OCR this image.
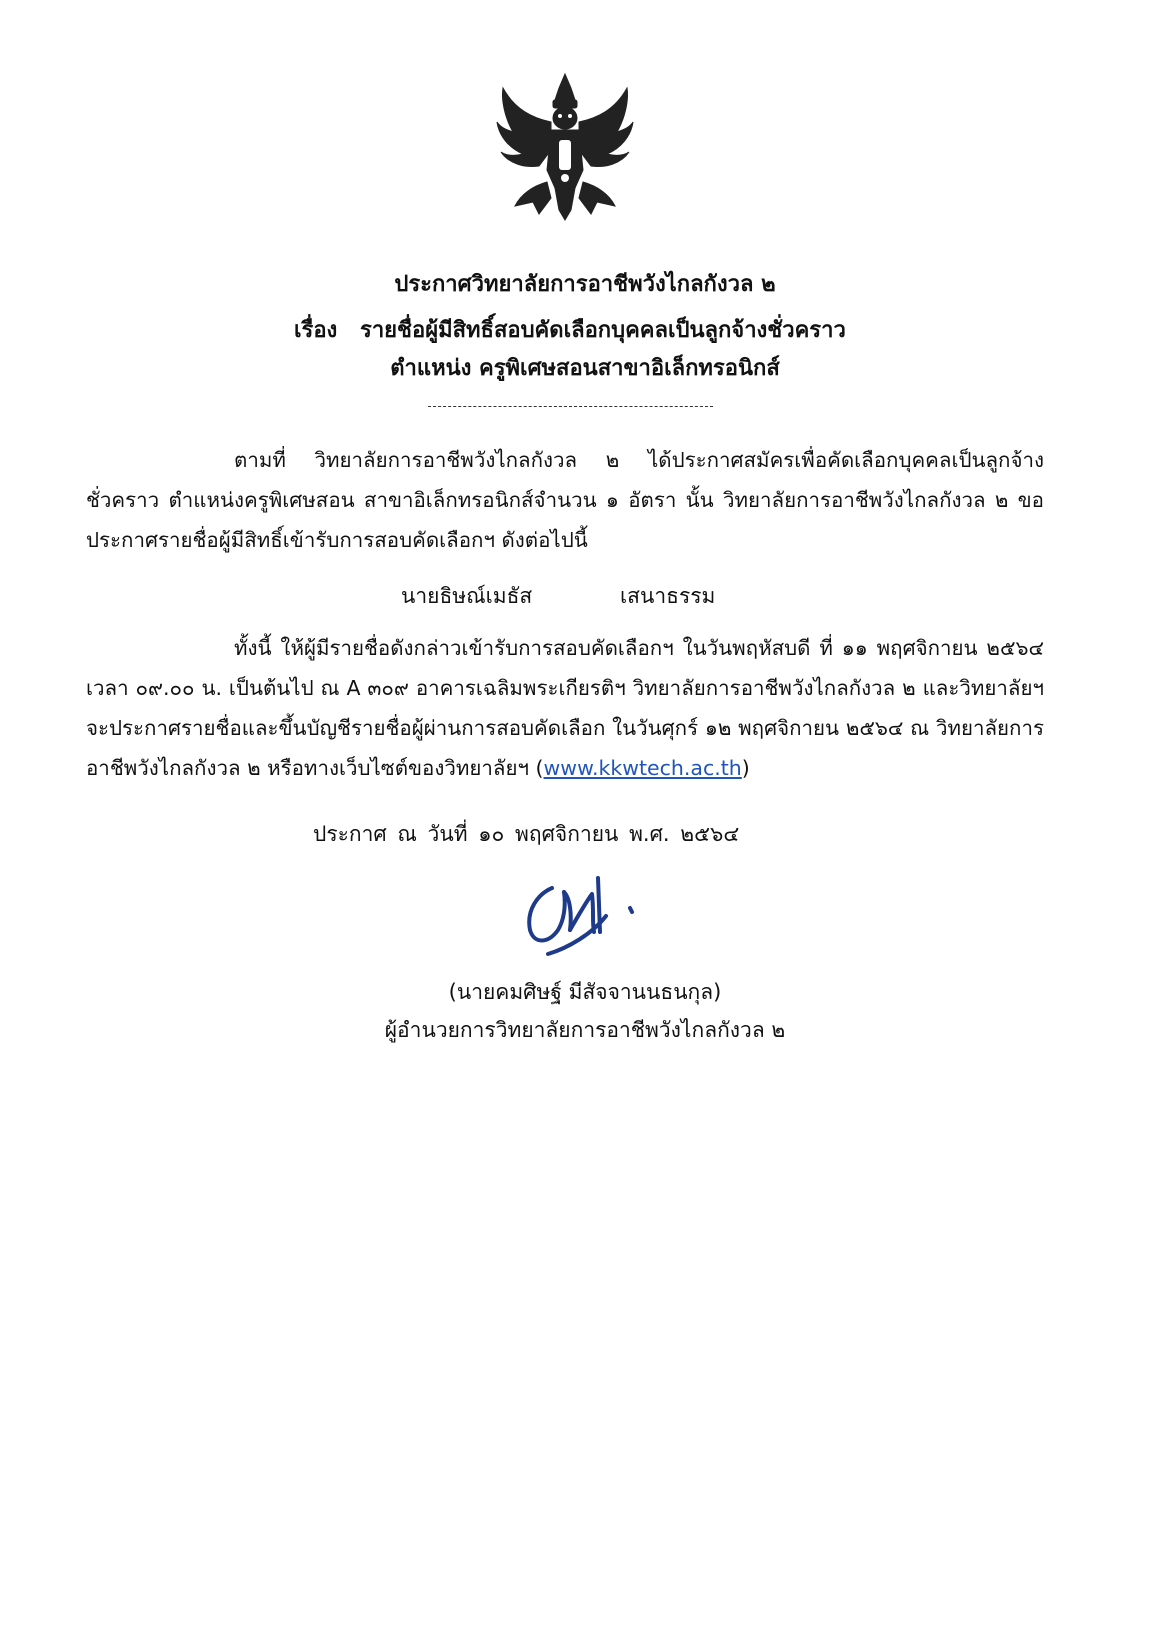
ประกาศวิทยาลัยการอาชีพวังไกลกังวล ๒
เรื่อง รายชื่อผู้มีสิทธิ์สอบคัดเลือกบุคคลเป็นลูกจ้างชั่วคราว
ตำแหน่ง ครูพิเศษสอนสาขาอิเล็กทรอนิกส์
ตามที่ วิทยาลัยการอาชีพวังไกลกังวล ๒ ได้ประกาศสมัครเพื่อคัดเลือกบุคคลเป็นลูกจ้างชั่วคราว ตำแหน่งครูพิเศษสอน สาขาอิเล็กทรอนิกส์จำนวน ๑ อัตรา นั้น วิทยาลัยการอาชีพวังไกลกังวล ๒ ขอประกาศรายชื่อผู้มีสิทธิ์เข้ารับการสอบคัดเลือกฯ ดังต่อไปนี้
นายธิษณ์เมธัส	เสนาธรรม
ทั้งนี้ ให้ผู้มีรายชื่อดังกล่าวเข้ารับการสอบคัดเลือกฯ ในวันพฤหัสบดี ที่ ๑๑ พฤศจิกายน ๒๕๖๔ เวลา ๐๙.๐๐ น. เป็นต้นไป ณ A ๓๐๙ อาคารเฉลิมพระเกียรติฯ วิทยาลัยการอาชีพวังไกลกังวล ๒ และวิทยาลัยฯ จะประกาศรายชื่อและขึ้นบัญชีรายชื่อผู้ผ่านการสอบคัดเลือก ในวันศุกร์ ๑๒ พฤศจิกายน ๒๕๖๔ ณ วิทยาลัยการอาชีพวังไกลกังวล ๒ หรือทางเว็บไซต์ของวิทยาลัยฯ (www.kkwtech.ac.th)
ประกาศ ณ วันที่ ๑๐ พฤศจิกายน พ.ศ. ๒๕๖๔
(นายคมศิษฐ์ มีสัจจานนธนกุล)
ผู้อำนวยการวิทยาลัยการอาชีพวังไกลกังวล ๒
